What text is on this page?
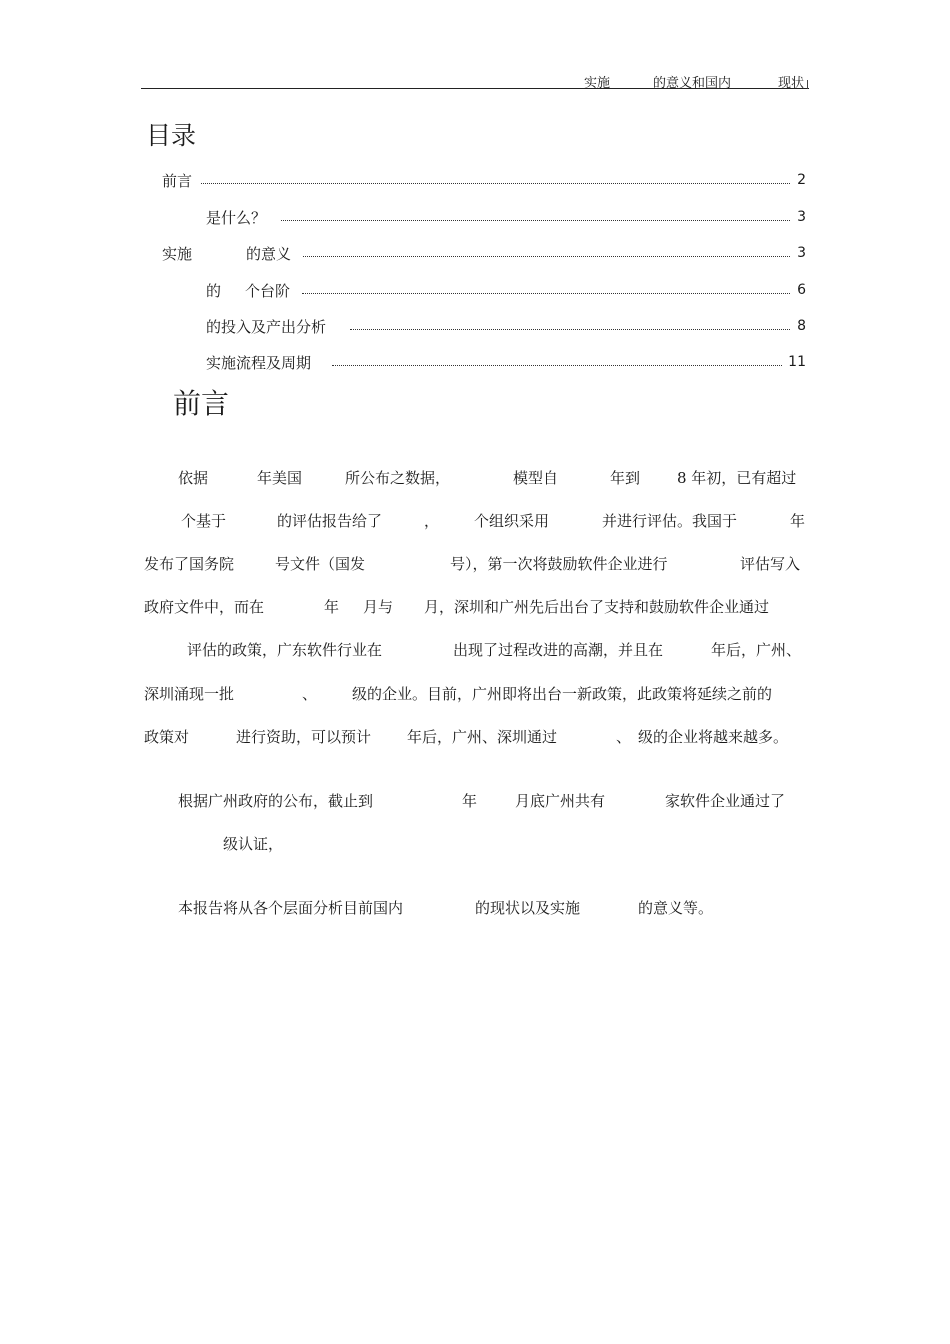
实施	的意义和国内	现状
目录
前言	2
是什么？	3
实施	的意义	3
的 个台阶	6
的投入及产出分析	8
实施流程及周期	11
前言
依据	年美国	所公布之数据，	模型自	年到 8 年初，已有超过
个基于	的评估报告给了	， 个组织采用	并进行评估。我国于	年
发布了国务院	号文件（国发	号），第一次将鼓励软件企业进行	评估写入
政府文件中，而在	年 月与 月，深圳和广州先后出台了支持和鼓励软件企业通过
评估的政策，广东软件行业在	出现了过程改进的高潮，并且在	年后，广州、
深圳涌现一批	、 级的企业。目前，广州即将出台一新政策，此政策将延续之前的
政策对	进行资助，可以预计 年后，广州、深圳通过	、 级的企业将越来越多。
根据广州政府的公布，截止到	年	月底广州共有	家软件企业通过了
级认证，
本报告将从各个层面分析目前国内	的现状以及实施	的意义等。
